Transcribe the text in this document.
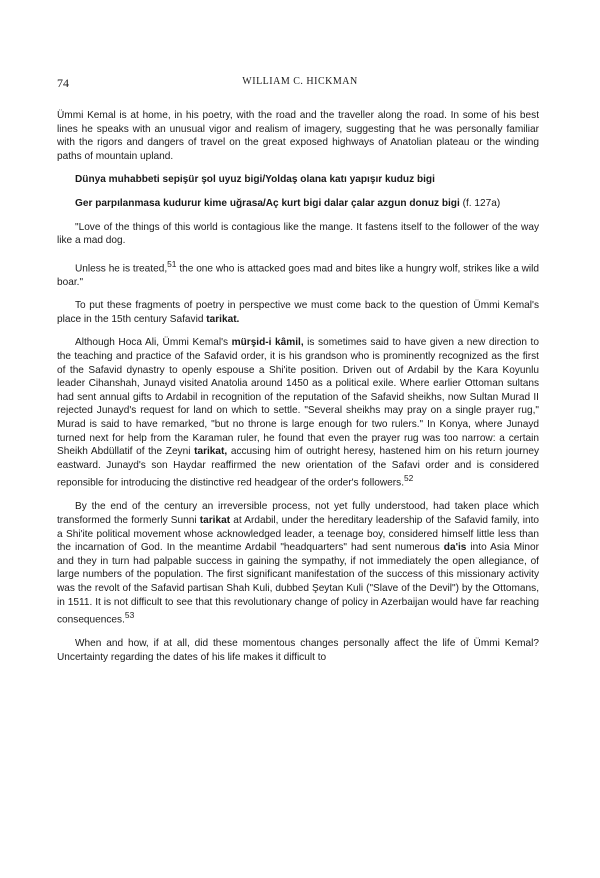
74	WILLIAM C. HICKMAN

Ümmi Kemal is at home, in his poetry, with the road and the traveller along the road. In some of his best lines he speaks with an unusual vigor and realism of imagery, suggesting that he was personally familiar with the rigors and dangers of travel on the great exposed highways of Anatolian plateau or the winding paths of mountain upland.

Dünya muhabbeti sepişür şol uyuz bigi/Yoldaş olana katı yapışır kuduz bigi

Ger parpılanmasa kudurur kime uğrasa/Aç kurt bigi dalar çalar azgun donuz bigi (f. 127a)

"Love of the things of this world is contagious like the mange. It fastens itself to the follower of the way like a mad dog.

Unless he is treated,$^{51}$ the one who is attacked goes mad and bites like a hungry wolf, strikes like a wild boar."

To put these fragments of poetry in perspective we must come back to the question of Ümmi Kemal's place in the 15th century Safavid tarikat.

Although Hoca Ali, Ümmi Kemal's mürşid-i kâmil, is sometimes said to have given a new direction to the teaching and practice of the Safavid order, it is his grandson who is prominently recognized as the first of the Safavid dynastry to openly espouse a Shi'ite position. Driven out of Ardabil by the Kara Koyunlu leader Cihanshah, Junayd visited Anatolia around 1450 as a political exile. Where earlier Ottoman sultans had sent annual gifts to Ardabil in recognition of the reputation of the Safavid sheikhs, now Sultan Murad II rejected Junayd's request for land on which to settle. "Several sheikhs may pray on a single prayer rug," Murad is said to have remarked, "but no throne is large enough for two rulers." In Konya, where Junayd turned next for help from the Karaman ruler, he found that even the prayer rug was too narrow: a certain Sheikh Abdüllatif of the Zeyni tarikat, accusing him of outright heresy, hastened him on his return journey eastward. Junayd's son Haydar reaffirmed the new orientation of the Safavi order and is considered reponsible for introducing the distinctive red headgear of the order's followers.$^{52}$

By the end of the century an irreversible process, not yet fully understood, had taken place which transformed the formerly Sunni tarikat at Ardabil, under the hereditary leadership of the Safavid family, into a Shi'ite political movement whose acknowledged leader, a teenage boy, considered himself little less than the incarnation of God. In the meantime Ardabil "headquarters" had sent numerous da'is into Asia Minor and they in turn had palpable success in gaining the sympathy, if not immediately the open allegiance, of large numbers of the population. The first significant manifestation of the success of this missionary activity was the revolt of the Safavid partisan Shah Kuli, dubbed Şeytan Kuli ("Slave of the Devil") by the Ottomans, in 1511. It is not difficult to see that this revolutionary change of policy in Azerbaijan would have far reaching consequences.$^{53}$

When and how, if at all, did these momentous changes personally affect the life of Ümmi Kemal? Uncertainty regarding the dates of his life makes it difficult to
